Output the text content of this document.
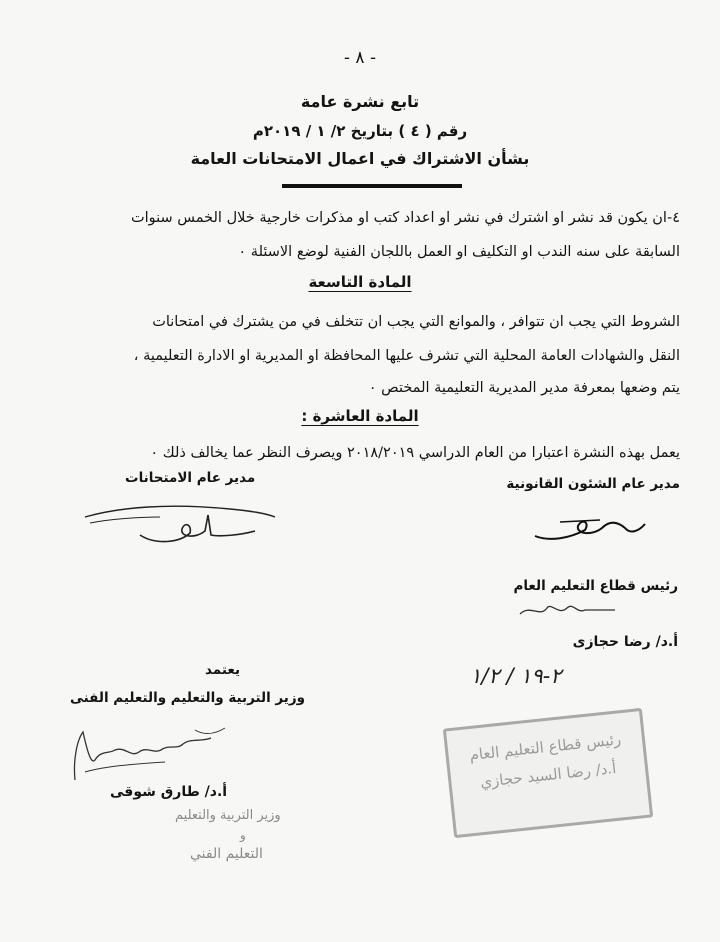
- ٨ -
تابع نشرة عامة
رقم ( ٤ ) بتاريخ ٢/ ١ / ٢٠١٩م
بشأن الاشتراك في اعمال الامتحانات العامة
٤-ان يكون قد نشر او اشترك في نشر او اعداد كتب او مذكرات خارجية خلال الخمس سنوات
السابقة على سنه الندب او التكليف او العمل باللجان الفنية لوضع الاسئلة ٠
المادة التاسعة
الشروط التي يجب ان تتوافر ، والموانع التي يجب ان تتخلف في من يشترك في امتحانات
النقل والشهادات العامة المحلية التي تشرف عليها المحافظة او المديرية او الادارة التعليمية ،
يتم وضعها بمعرفة مدير المديرية التعليمية المختص ٠
المادة العاشرة :
يعمل بهذه النشرة اعتبارا من العام الدراسي ٢٠١٨/٢٠١٩ ويصرف النظر عما يخالف ذلك ٠
مدير عام الشئون القانونية
مدير عام الامتحانات
رئيس قطاع التعليم العام
أ.د/ رضا حجازى
٢-١٩ / ١/٢
يعتمد
وزير التربية والتعليم والتعليم الفنى
أ.د/ طارق شوقى
وزير التربية والتعليم
و
التعليم الفني
رئيس قطاع التعليم العام
أ.د/ رضا السيد حجازي
